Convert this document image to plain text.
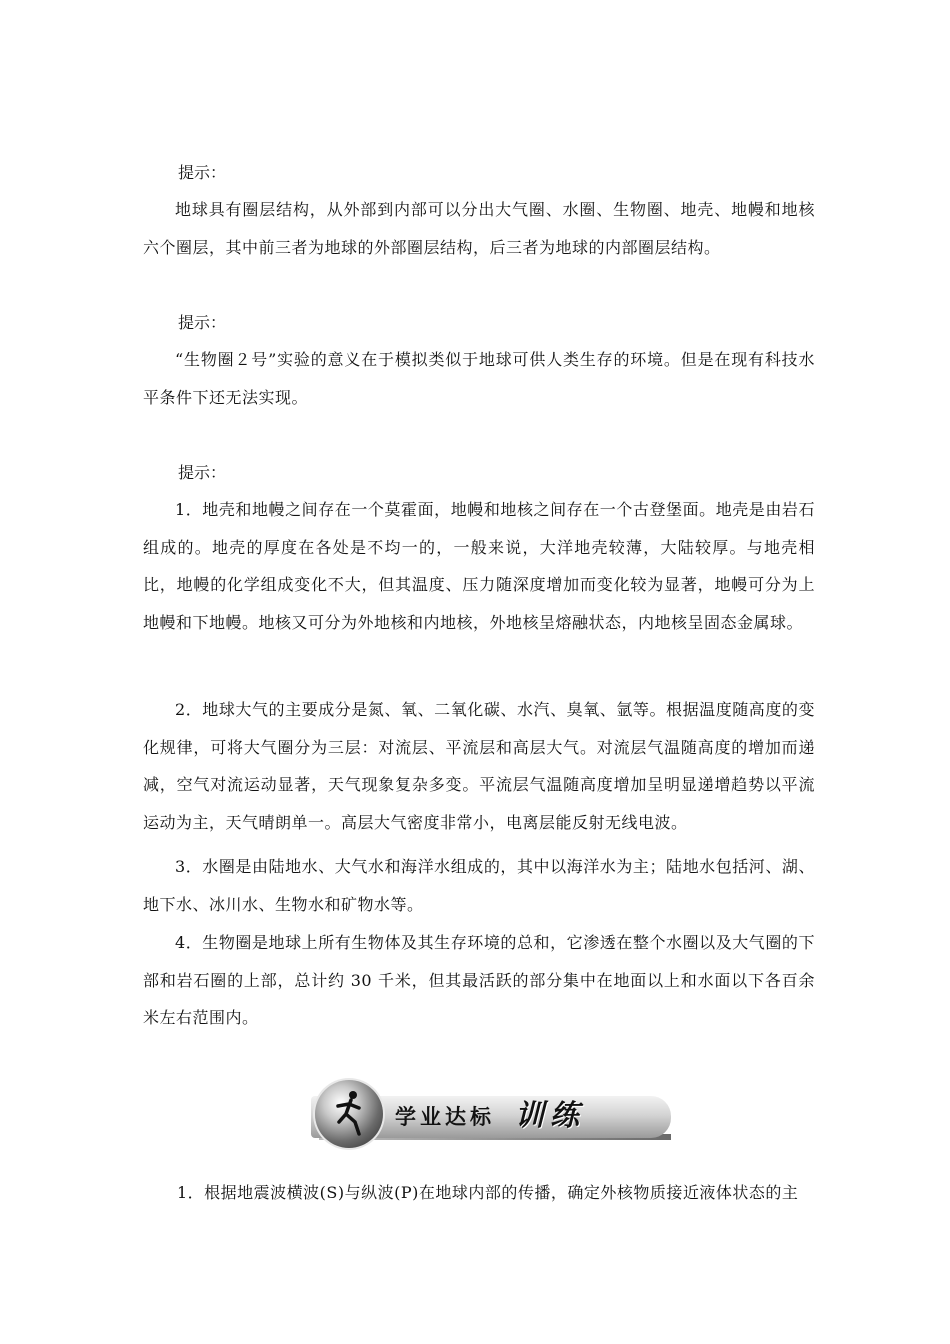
提示：

地球具有圈层结构，从外部到内部可以分出大气圈、水圈、生物圈、地壳、地幔和地核六个圈层，其中前三者为地球的外部圈层结构，后三者为地球的内部圈层结构。

提示：

“生物圈２号”实验的意义在于模拟类似于地球可供人类生存的环境。但是在现有科技水平条件下还无法实现。

提示：

1．地壳和地幔之间存在一个莫霍面，地幔和地核之间存在一个古登堡面。地壳是由岩石组成的。地壳的厚度在各处是不均一的，一般来说，大洋地壳较薄，大陆较厚。与地壳相比，地幔的化学组成变化不大，但其温度、压力随深度增加而变化较为显著，地幔可分为上地幔和下地幔。地核又可分为外地核和内地核，外地核呈熔融状态，内地核呈固态金属球。

2．地球大气的主要成分是氮、氧、二氧化碳、水汽、臭氧、氩等。根据温度随高度的变化规律，可将大气圈分为三层：对流层、平流层和高层大气。对流层气温随高度的增加而递减，空气对流运动显著，天气现象复杂多变。平流层气温随高度增加呈明显递增趋势以平流运动为主，天气晴朗单一。高层大气密度非常小，电离层能反射无线电波。

3．水圈是由陆地水、大气水和海洋水组成的，其中以海洋水为主；陆地水包括河、湖、地下水、冰川水、生物水和矿物水等。

4．生物圈是地球上所有生物体及其生存环境的总和，它渗透在整个水圈以及大气圈的下部和岩石圈的上部，总计约 30 千米，但其最活跃的部分集中在地面以上和水面以下各百余米左右范围内。

学业达标 训练

1．根据地震波横波(S)与纵波(P)在地球内部的传播，确定外核物质接近液体状态的主
